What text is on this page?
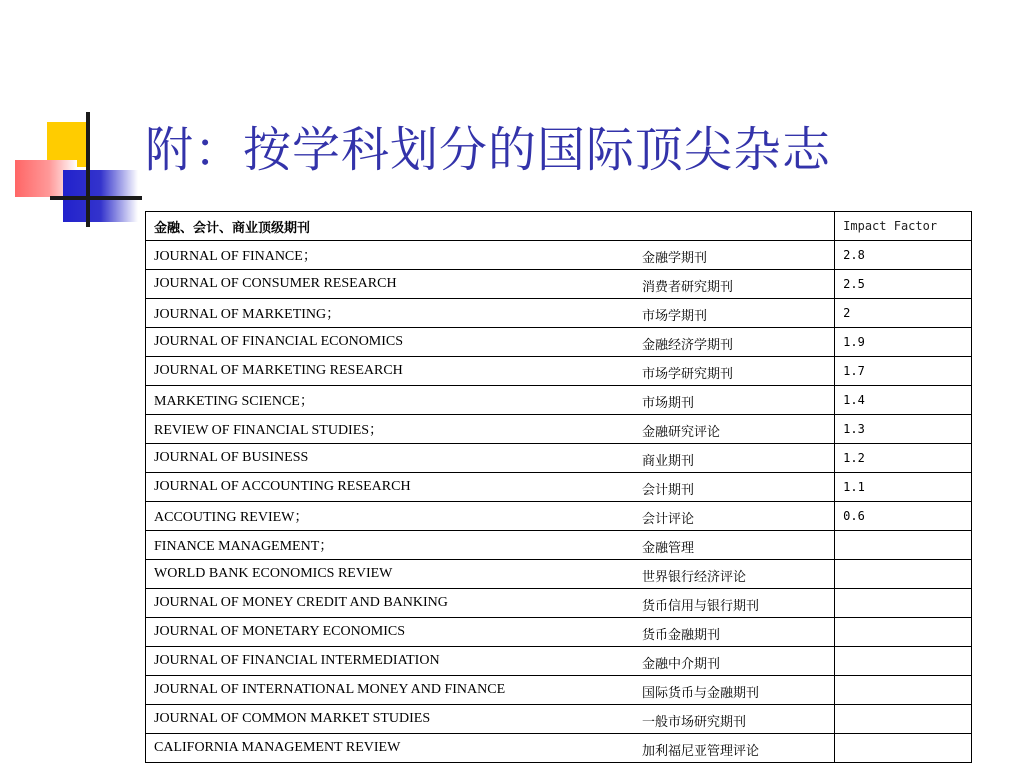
附：按学科划分的国际顶尖杂志
金融、会计、商业顶级期刊	Impact Factor
JOURNAL OF FINANCE； 金融学期刊	2.8
JOURNAL OF CONSUMER RESEARCH 消费者研究期刊	2.5
JOURNAL OF MARKETING； 市场学期刊	2
JOURNAL OF FINANCIAL ECONOMICS 金融经济学期刊	1.9
JOURNAL OF MARKETING RESEARCH 市场学研究期刊	1.7
MARKETING SCIENCE； 市场期刊	1.4
REVIEW OF FINANCIAL STUDIES； 金融研究评论	1.3
JOURNAL OF BUSINESS 商业期刊	1.2
JOURNAL OF ACCOUNTING RESEARCH 会计期刊	1.1
ACCOUTING REVIEW； 会计评论	0.6
FINANCE MANAGEMENT； 金融管理	

WORLD BANK ECONOMICS REVIEW 世界银行经济评论	

JOURNAL OF MONEY CREDIT AND BANKING 货币信用与银行期刊	

JOURNAL OF MONETARY ECONOMICS 货币金融期刊	

JOURNAL OF FINANCIAL INTERMEDIATION 金融中介期刊	

JOURNAL OF INTERNATIONAL MONEY AND FINANCE 国际货币与金融期刊	

JOURNAL OF COMMON MARKET STUDIES 一般市场研究期刊	

CALIFORNIA MANAGEMENT REVIEW 加利福尼亚管理评论	
